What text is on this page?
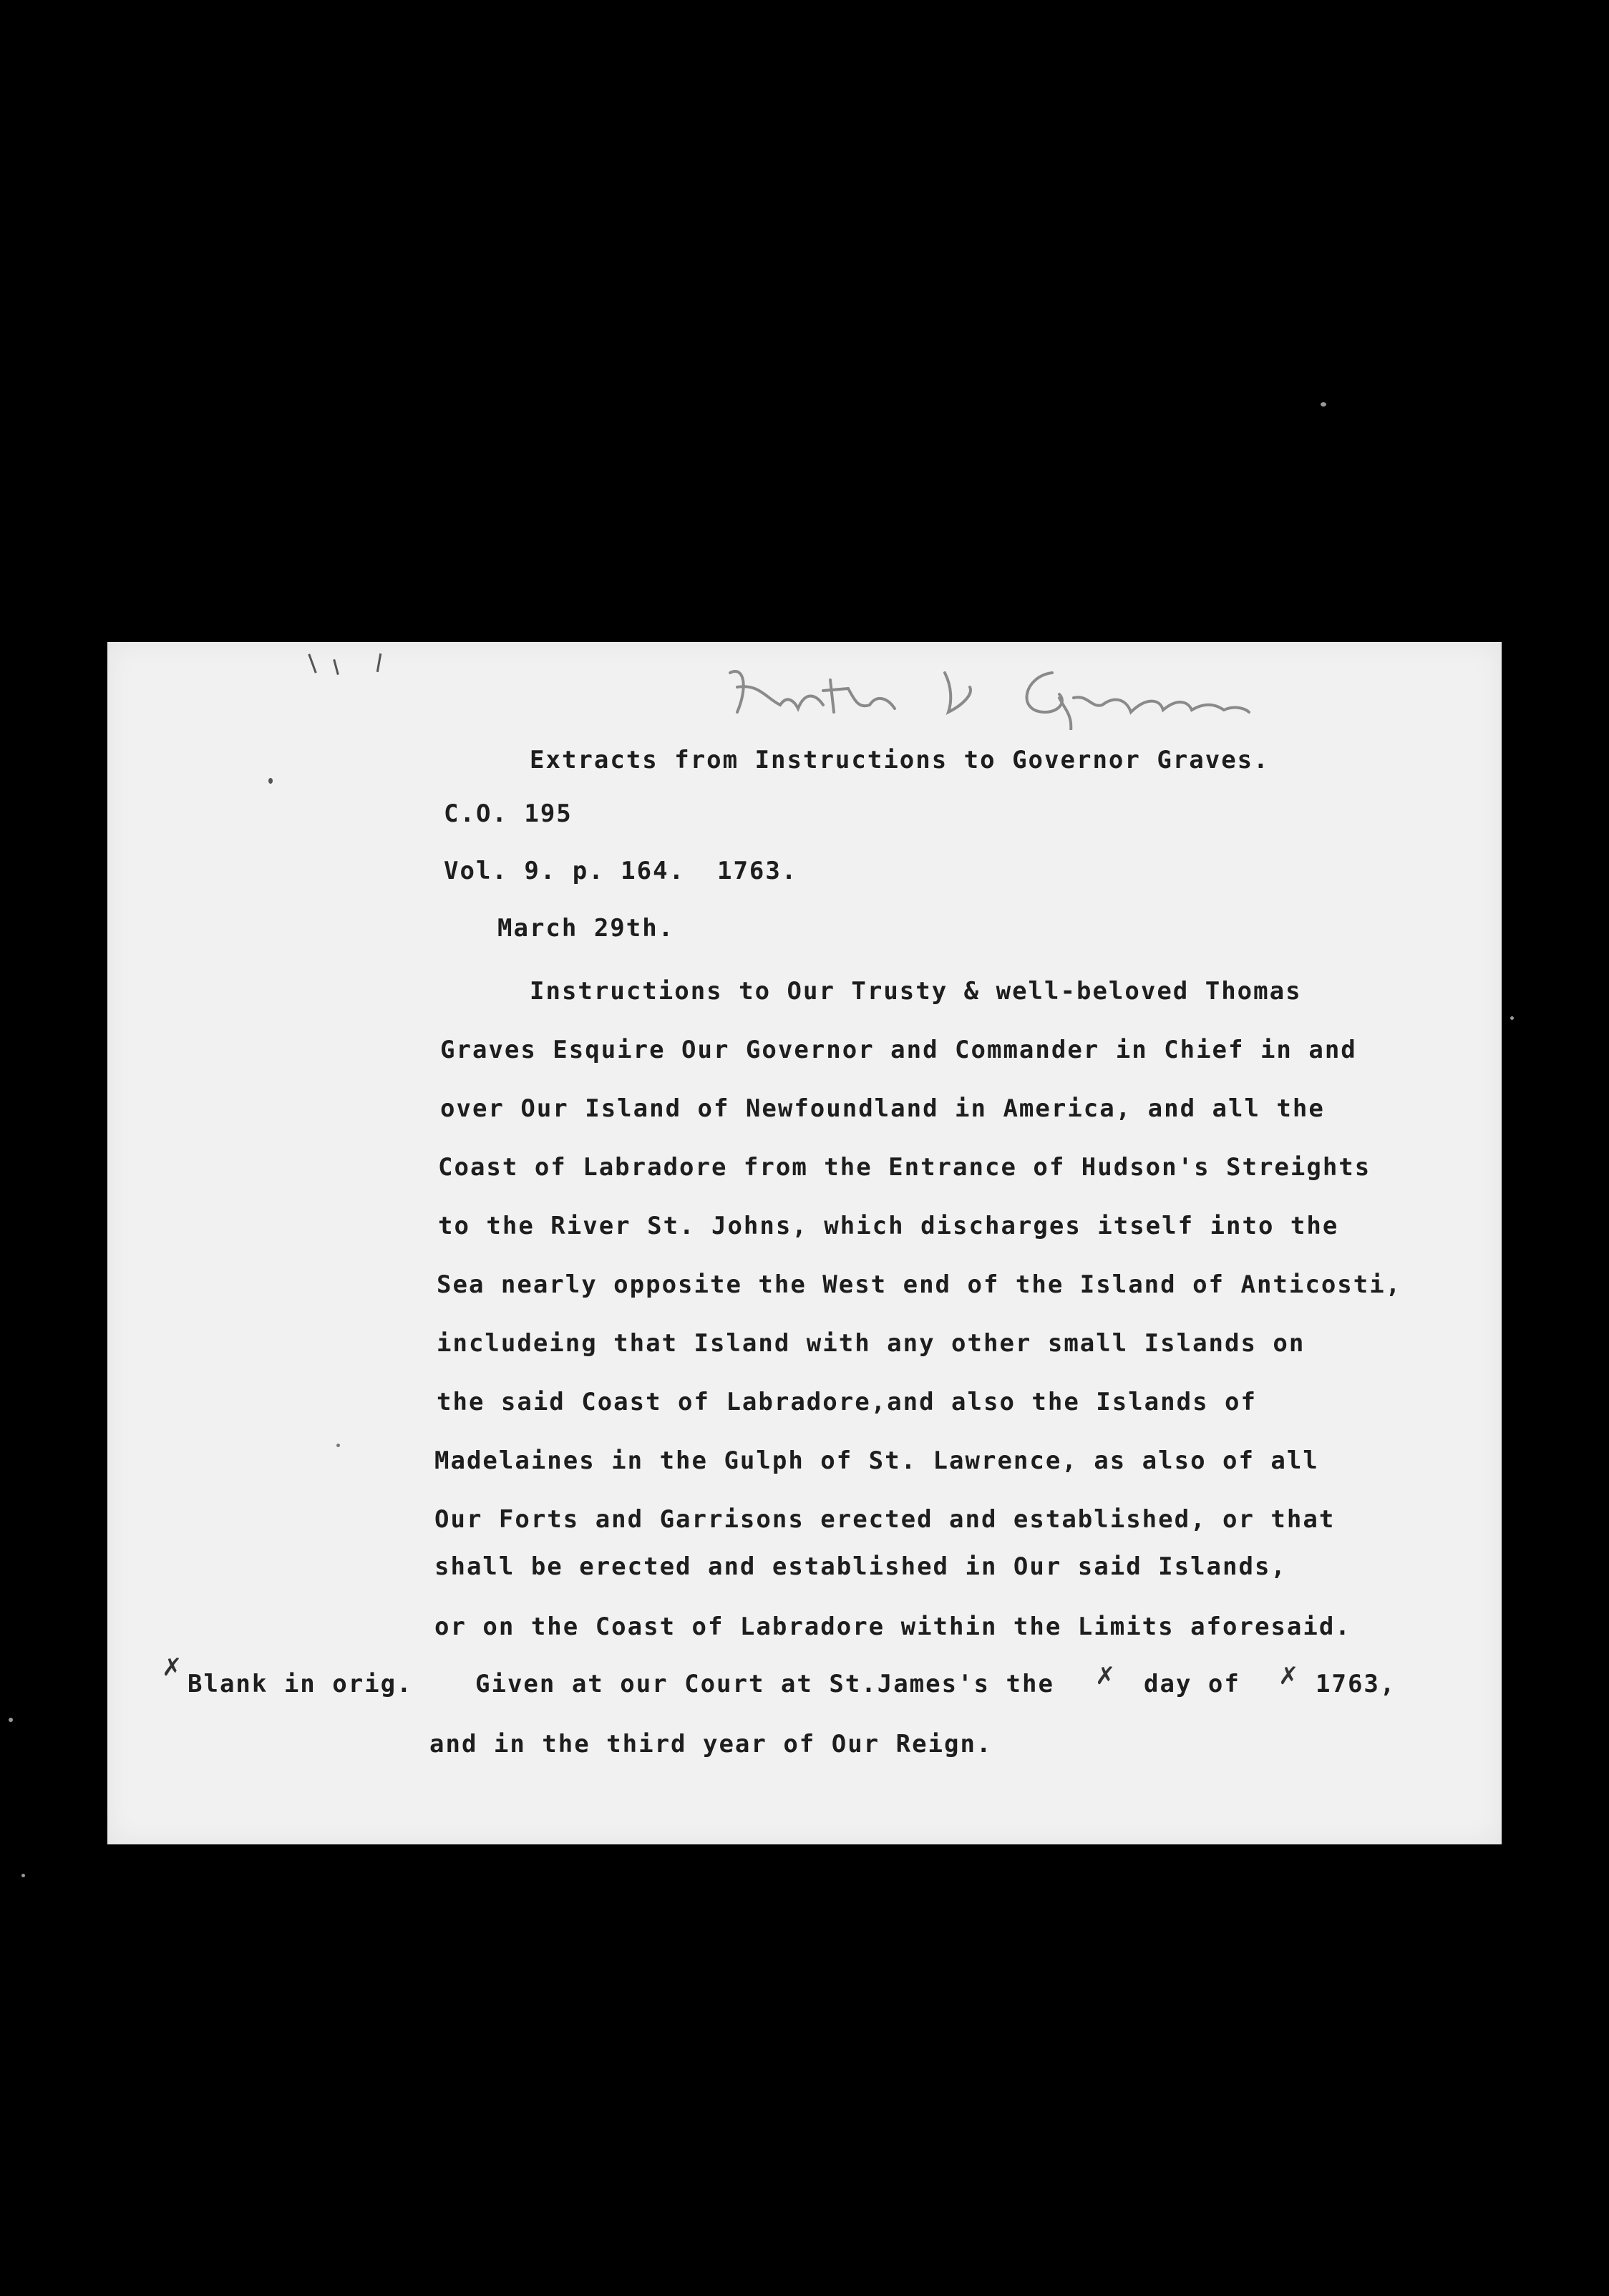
Extracts from Instructions to Governor Graves.
C.O. 195
Vol. 9. p. 164.  1763.
March 29th.
Instructions to Our Trusty & well-beloved Thomas
Graves Esquire Our Governor and Commander in Chief in and
over Our Island of Newfoundland in America, and all the
Coast of Labradore from the Entrance of Hudson's Streights
to the River St. Johns, which discharges itself into the
Sea nearly opposite the West end of the Island of Anticosti,
includeing that Island with any other small Islands on
the said Coast of Labradore,and also the Islands of
Madelaines in the Gulph of St. Lawrence, as also of all
Our Forts and Garrisons erected and established, or that
shall be erected and established in Our said Islands,
or on the Coast of Labradore within the Limits aforesaid.
✗
Blank in orig.	Given at our Court at St.James's the ✗ day of ✗ 1763,
and in the third year of Our Reign.
